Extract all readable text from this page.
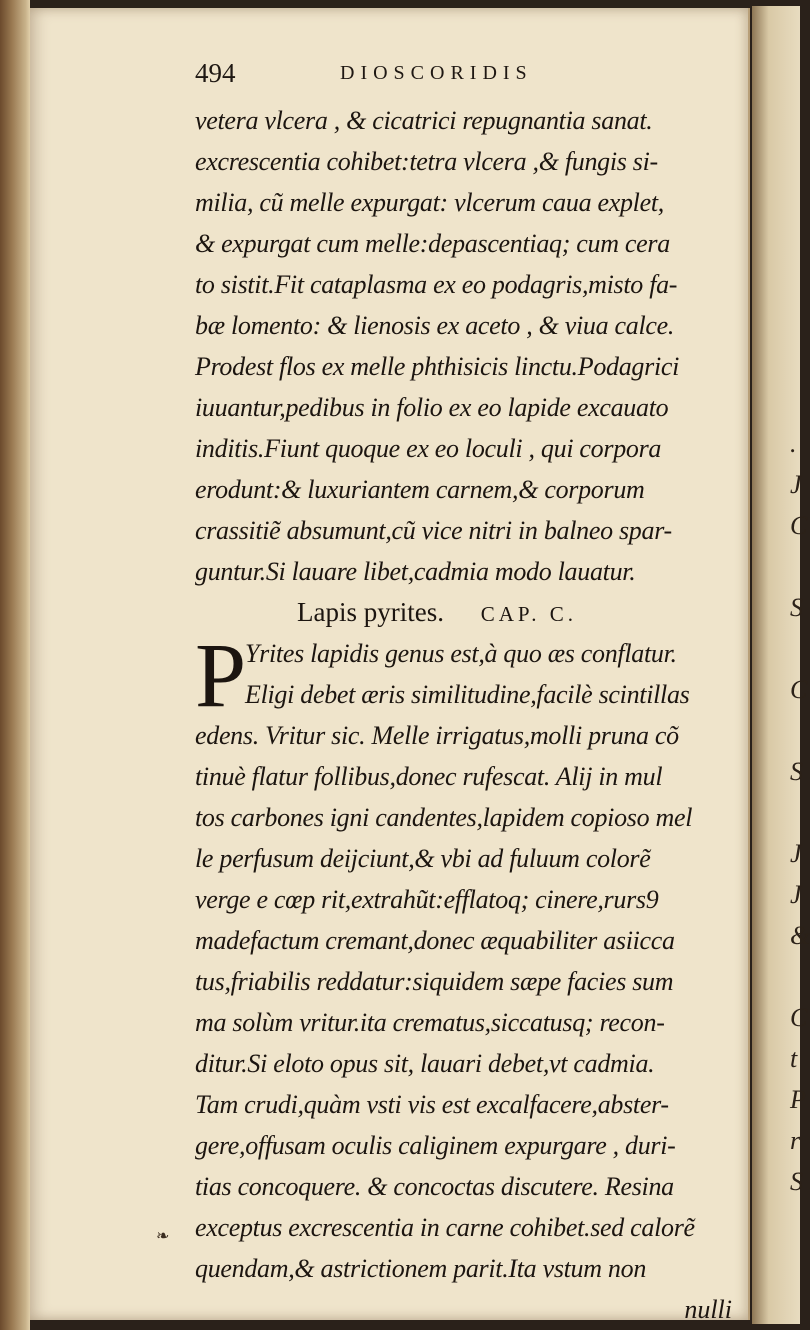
.
J
C

S

C

S

J
J
&

C
t
P
r
S
494	DIOSCORIDIS
vetera vlcera , & cicatrici repugnantia sanat.
excrescentia cohibet:tetra vlcera ,& fungis si-
milia, cũ melle expurgat: vlcerum caua explet,
& expurgat cum melle:depascentiaq; cum cera
to sistit.Fit cataplasma ex eo podagris,misto fa-
bæ lomento: & lienosis ex aceto , & viua calce.
Prodest flos ex melle phthisicis linctu.Podagrici
iuuantur,pedibus in folio ex eo lapide excauato
inditis.Fiunt quoque ex eo loculi , qui corpora
erodunt:& luxuriantem carnem,& corporum
crassitiẽ absumunt,cũ vice nitri in balneo spar-
guntur.Si lauare libet,cadmia modo lauatur.
Lapis pyrites. CAP. C.
P
Yrites lapidis genus est,à quo æs conflatur.
Eligi debet æris similitudine,facilè scintillas
edens. Vritur sic. Melle irrigatus,molli pruna cõ
tinuè flatur follibus,donec rufescat. Alij in mul
tos carbones igni candentes,lapidem copioso mel
le perfusum deijciunt,& vbi ad fuluum colorẽ
verge e cœp rit,extrahũt:efflatoq; cinere,rurs9
madefactum cremant,donec æquabiliter asiicca
tus,friabilis reddatur:siquidem sæpe facies sum
ma solùm vritur.ita crematus,siccatusq; recon-
ditur.Si eloto opus sit, lauari debet,vt cadmia.
Tam crudi,quàm vsti vis est excalfacere,abster-
gere,offusam oculis caliginem expurgare , duri-
tias concoquere. & concoctas discutere. Resina
exceptus excrescentia in carne cohibet.sed calorẽ
quendam,& astrictionem parit.Ita vstum non
nulli
❧
